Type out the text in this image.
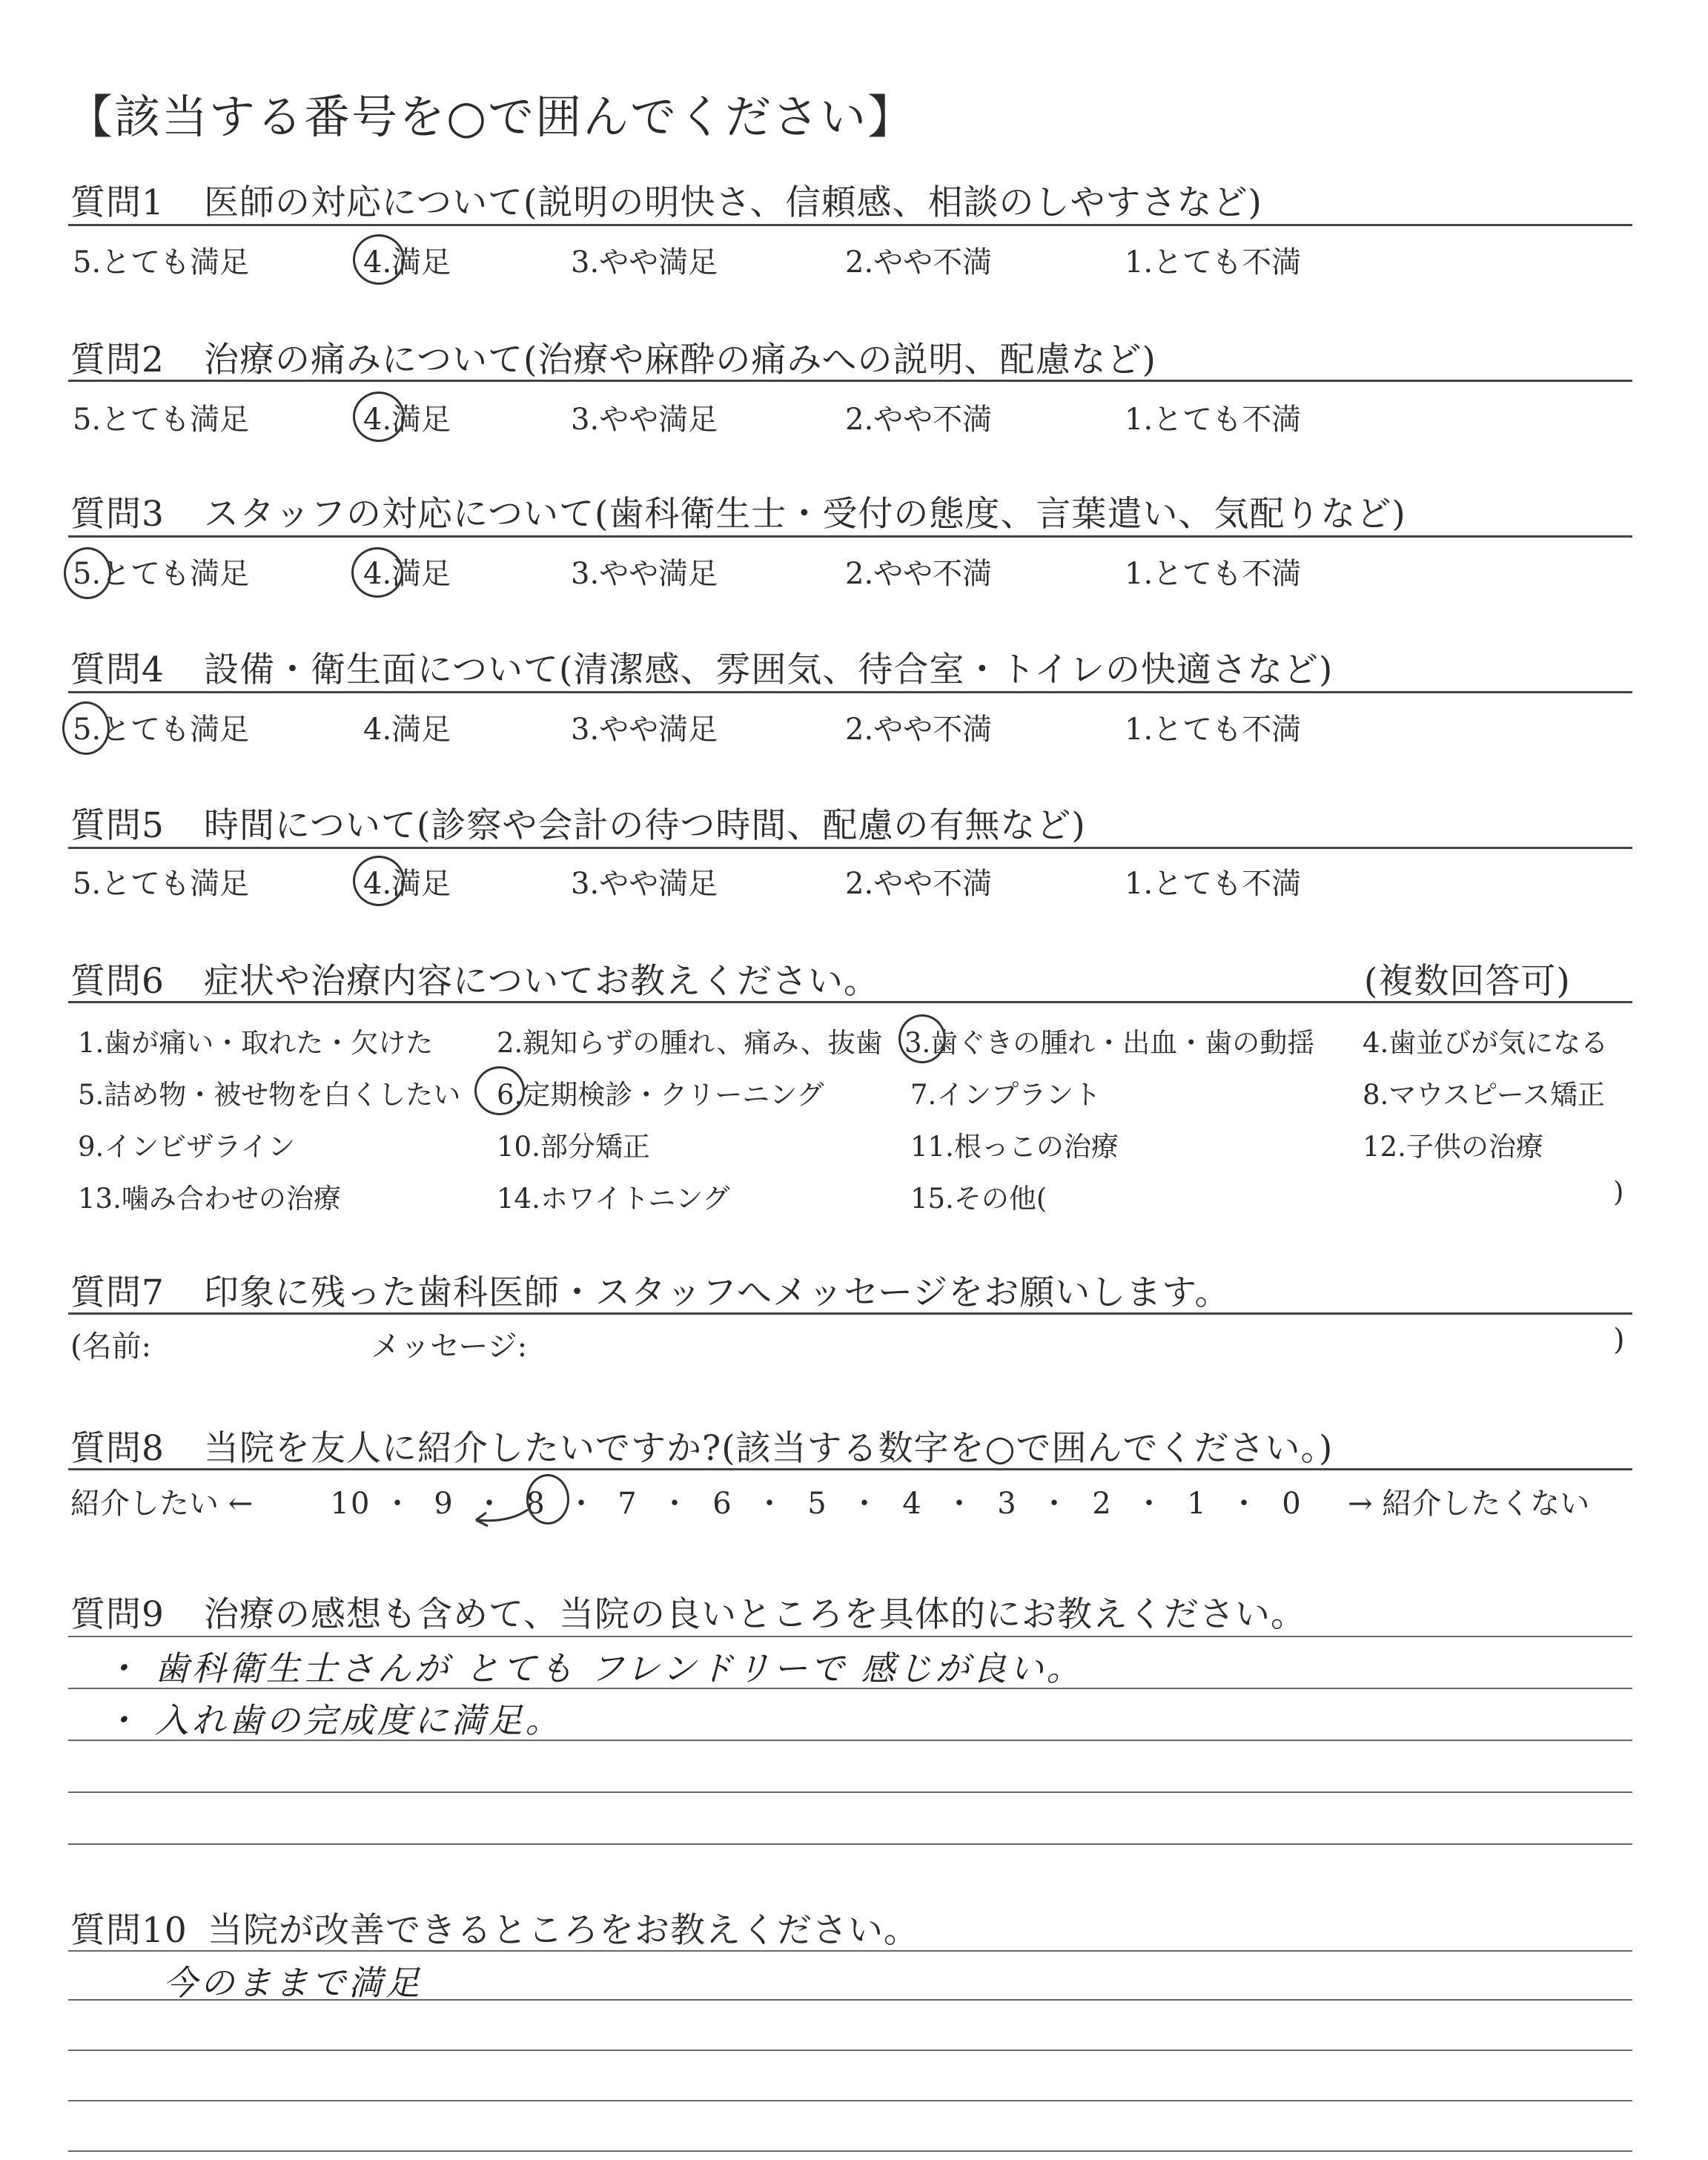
【該当する番号を○で囲んでください】
質問1 医師の対応について(説明の明快さ、信頼感、相談のしやすさなど)
5.とても満足	4.満足	3.やや満足	2.やや不満	1.とても不満
質問2 治療の痛みについて(治療や麻酔の痛みへの説明、配慮など)
5.とても満足	4.満足	3.やや満足	2.やや不満	1.とても不満
質問3 スタッフの対応について(歯科衛生士・受付の態度、言葉遣い、気配りなど)
5.とても満足	4.満足	3.やや満足	2.やや不満	1.とても不満
質問4 設備・衛生面について(清潔感、雰囲気、待合室・トイレの快適さなど)
5.とても満足	4.満足	3.やや満足	2.やや不満	1.とても不満
質問5 時間について(診察や会計の待つ時間、配慮の有無など)
5.とても満足	4.満足	3.やや満足	2.やや不満	1.とても不満
質問6 症状や治療内容についてお教えください。	(複数回答可)
1.歯が痛い・取れた・欠けた 2.親知らずの腫れ、痛み、抜歯 3.歯ぐきの腫れ・出血・歯の動揺 4.歯並びが気になる
5.詰め物・被せ物を白くしたい 6.定期検診・クリーニング	7.インプラント	8.マウスピース矯正
9.インビザライン	10.部分矯正	11.根っこの治療	12.子供の治療
13.噛み合わせの治療	14.ホワイトニング	15.その他(	)
質問7 印象に残った歯科医師・スタッフへメッセージをお願いします。
(名前:	メッセージ:	)
質問8 当院を友人に紹介したいですか?(該当する数字を○で囲んでください。)
紹介したい ←	10 ・ 9 ・ 8 ・ 7 ・ 6 ・ 5 ・ 4 ・ 3 ・ 2 ・ 1 ・ 0	→ 紹介したくない
質問9 治療の感想も含めて、当院の良いところを具体的にお教えください。
・ 歯科衛生士さんが とても フレンドリーで 感じが良い。
・ 入れ歯の完成度に満足。
質問10 当院が改善できるところをお教えください。
今のままで満足
